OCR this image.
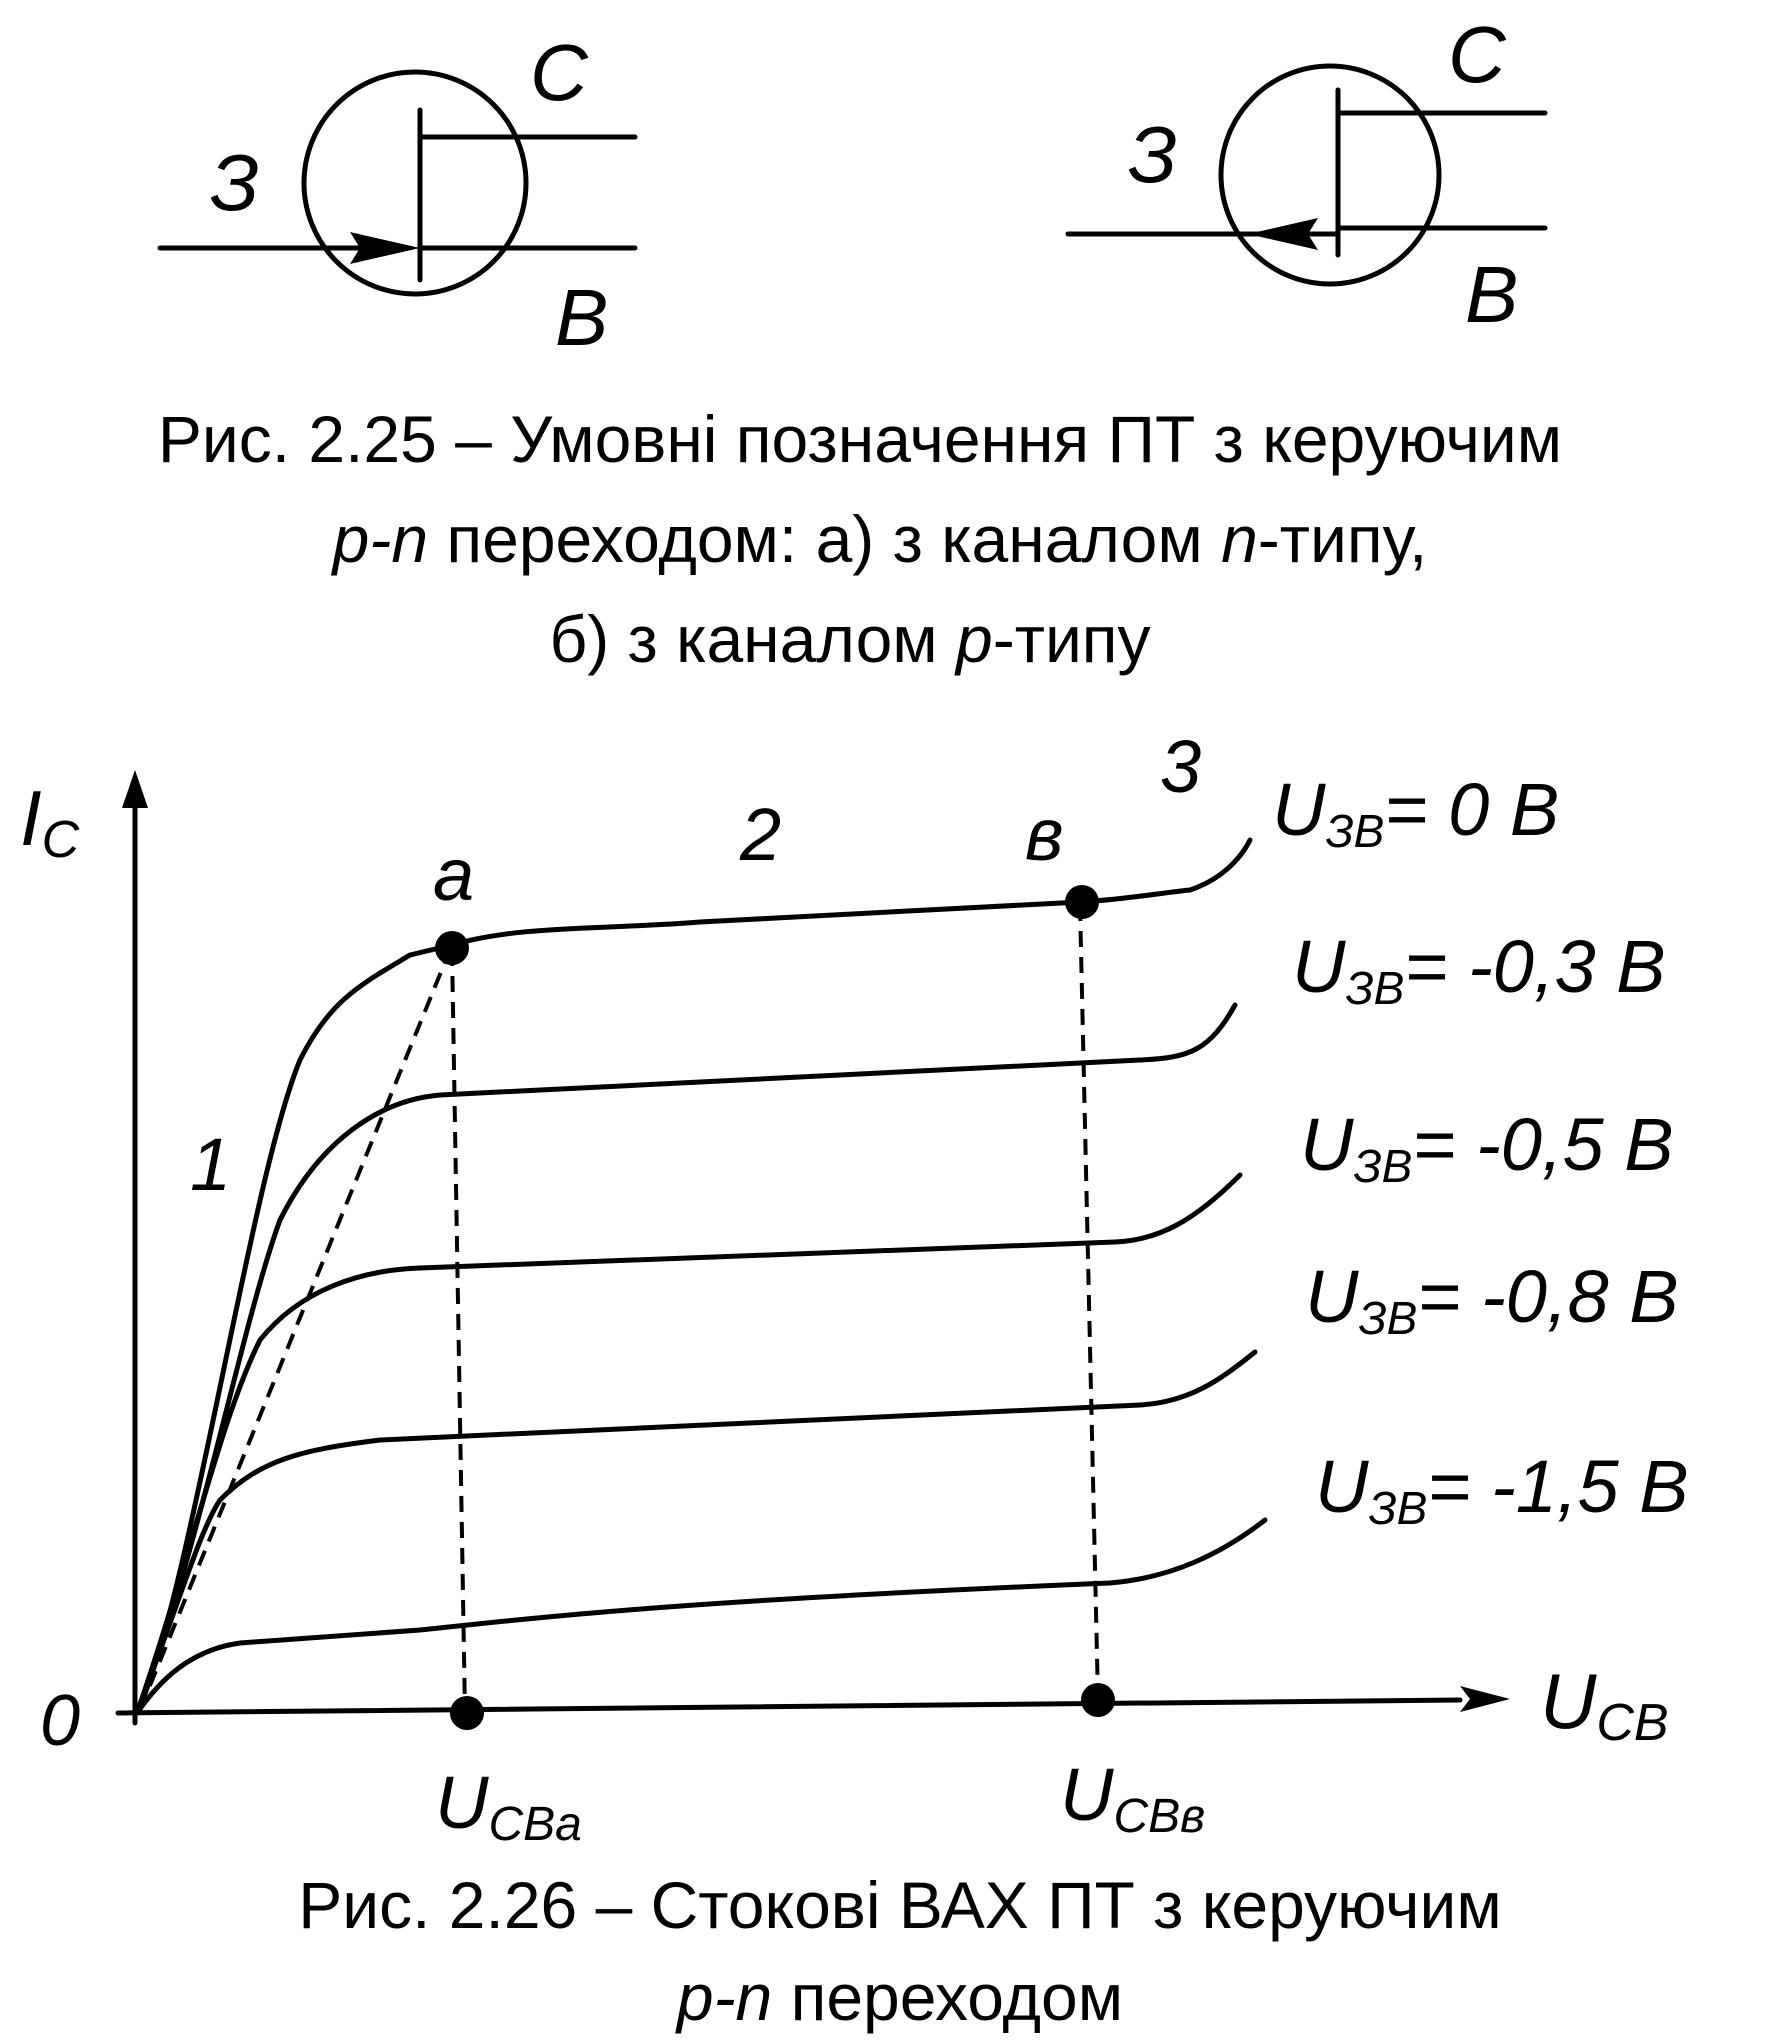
З
С
В
З
С
В
Рис. 2.25 – Умовні позначення ПТ з керуючим
р-n переходом: а) з каналом n-типу,
б) з каналом p-типу
IC
UCB
0
а	в
1
2
3
UCBa	UCBв
UЗВ= 0 В
UЗВ= -0,3 В
UЗВ= -0,5 В
UЗВ= -0,8 В
UЗВ= -1,5 В
Рис. 2.26 – Стокові ВАХ ПТ з керуючим
р-n переходом
